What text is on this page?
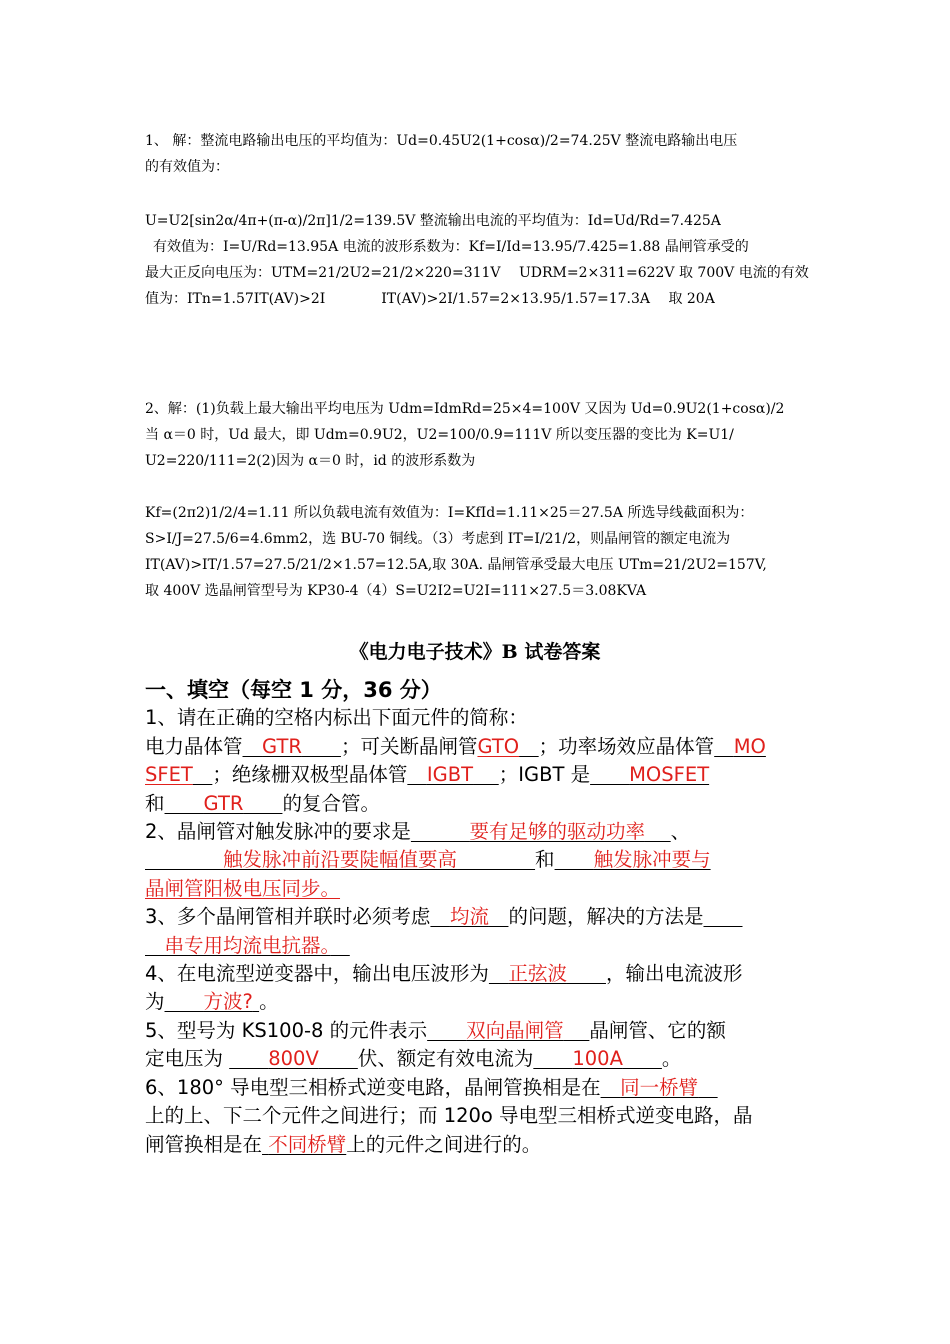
1、 解：整流电路输出电压的平均值为：Ud=0.45U2(1+cosα)/2=74.25V 整流电路输出电压
的有效值为：
U=U2[sin2α/4π+(π-α)/2π]1/2=139.5V 整流输出电流的平均值为：Id=Ud/Rd=7.425A
有效值为：I=U/Rd=13.95A 电流的波形系数为：Kf=I/Id=13.95/7.425=1.88 晶闸管承受的
最大正反向电压为：UTM=21/2U2=21/2×220=311V　 UDRM=2×311=622V 取 700V 电流的有效
值为：ITn=1.57IT(AV)>2I　　　　IT(AV)>2I/1.57=2×13.95/1.57=17.3A　 取 20A
2、解：(1)负载上最大输出平均电压为 Udm=IdmRd=25×4=100V 又因为 Ud=0.9U2(1+cosα)/2
当 α＝0 时，Ud 最大，即 Udm=0.9U2，U2=100/0.9=111V 所以变压器的变比为 K=U1/
U2=220/111=2(2)因为 α＝0 时，id 的波形系数为
Kf=(2π2)1/2/4=1.11 所以负载电流有效值为：I=KfId=1.11×25＝27.5A 所选导线截面积为：
S>I/J=27.5/6=4.6mm2，选 BU-70 铜线。（3）考虑到 IT=I/21/2，则晶闸管的额定电流为
IT(AV)>IT/1.57=27.5/21/2×1.57=12.5A,取 30A. 晶闸管承受最大电压 UTm=21/2U2=157V,
取 400V 选晶闸管型号为 KP30-4（4）S=U2I2=U2I=111×27.5＝3.08KVA
《电力电子技术》B 试卷答案
一、填空（每空 1 分，36 分）
1、请在正确的空格内标出下面元件的简称：
电力晶体管　 GTR　　 ；可关断晶闸管GTO　 ；功率场效应晶体管　 MO
SFET　 ；绝缘栅双极型晶体管　 IGBT　 ；IGBT 是　　 MOSFET
和　　 GTR　　 的复合管。
2、晶闸管对触发脉冲的要求是　　　	要有足够的驱动功率　 、
　　　　触发脉冲前沿要陡幅值要高　　　　	和　　 触发脉冲要与
晶闸管阳极电压同步。
3、多个晶闸管相并联时必须考虑　 均流　 的问题，解决的方法是　　
　串专用均流电抗器。　
4、在电流型逆变器中，输出电压波形为　 正弦波　　 ，输出电流波形
为　　 方波? 。
5、型号为 KS100-8 的元件表示　　 双向晶闸管　 晶闸管、它的额
定电压为 　　 800V　　 伏、额定有效电流为　　 100A　　 。
6、180° 导电型三相桥式逆变电路，晶闸管换相是在　 同一桥臂　
上的上、下二个元件之间进行；而 120o 导电型三相桥式逆变电路，晶
闸管换相是在 不同桥臂上的元件之间进行的。
